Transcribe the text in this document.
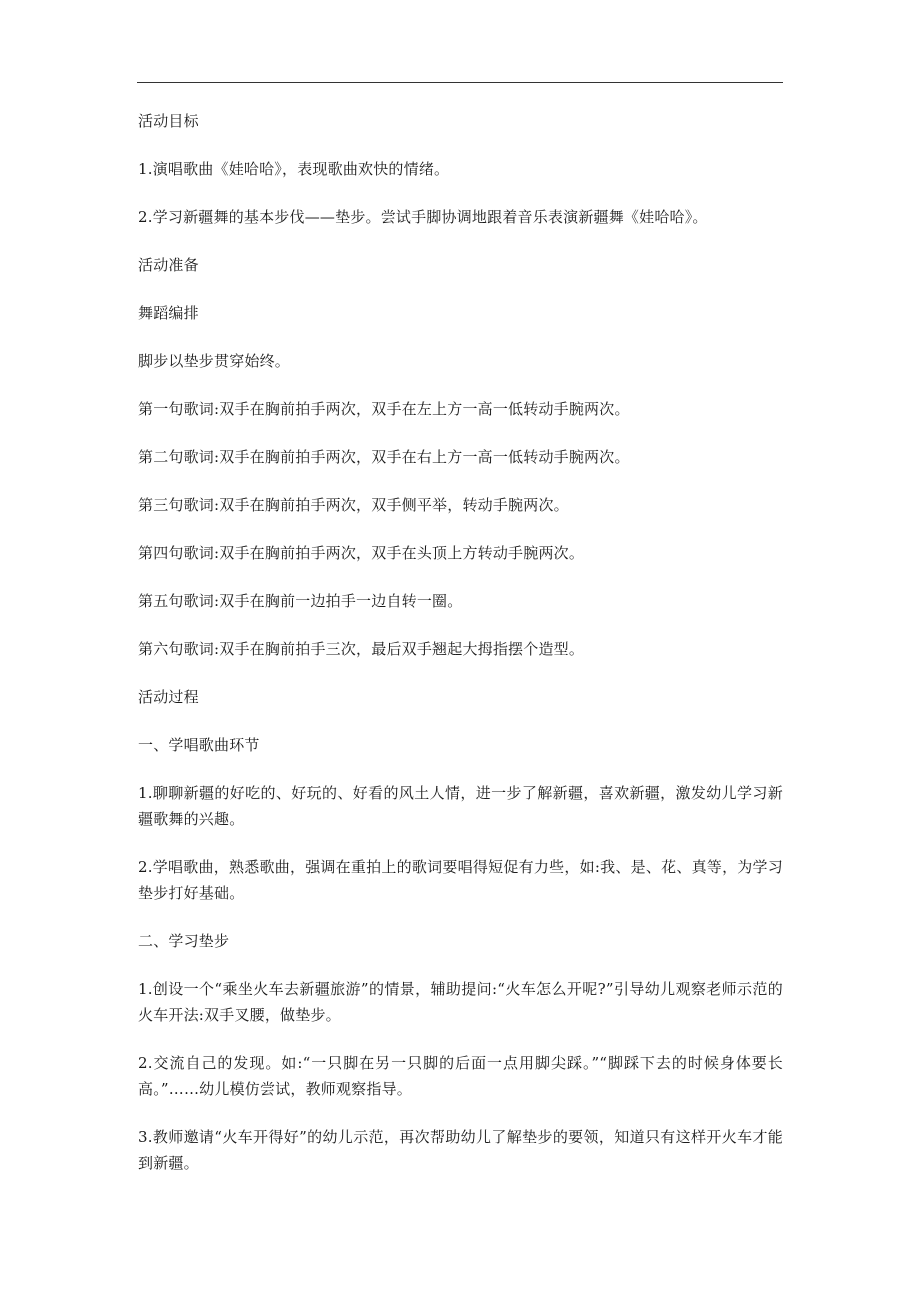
活动目标

1.演唱歌曲《娃哈哈》，表现歌曲欢快的情绪。

2.学习新疆舞的基本步伐——垫步。尝试手脚协调地跟着音乐表演新疆舞《娃哈哈》。

活动准备

舞蹈编排

脚步以垫步贯穿始终。

第一句歌词:双手在胸前拍手两次，双手在左上方一高一低转动手腕两次。

第二句歌词:双手在胸前拍手两次，双手在右上方一高一低转动手腕两次。

第三句歌词:双手在胸前拍手两次，双手侧平举，转动手腕两次。

第四句歌词:双手在胸前拍手两次，双手在头顶上方转动手腕两次。

第五句歌词:双手在胸前一边拍手一边自转一圈。

第六句歌词:双手在胸前拍手三次，最后双手翘起大拇指摆个造型。

活动过程

一、学唱歌曲环节

1.聊聊新疆的好吃的、好玩的、好看的风土人情，进一步了解新疆，喜欢新疆，激发幼儿学习新疆歌舞的兴趣。

2.学唱歌曲，熟悉歌曲，强调在重拍上的歌词要唱得短促有力些，如:我、是、花、真等，为学习垫步打好基础。

二、学习垫步

1.创设一个“乘坐火车去新疆旅游”的情景，辅助提问:“火车怎么开呢?”引导幼儿观察老师示范的火车开法:双手叉腰，做垫步。

2.交流自己的发现。如:“一只脚在另一只脚的后面一点用脚尖踩。”“脚踩下去的时候身体要长高。”……幼儿模仿尝试，教师观察指导。

3.教师邀请“火车开得好”的幼儿示范，再次帮助幼儿了解垫步的要领，知道只有这样开火车才能到新疆。
